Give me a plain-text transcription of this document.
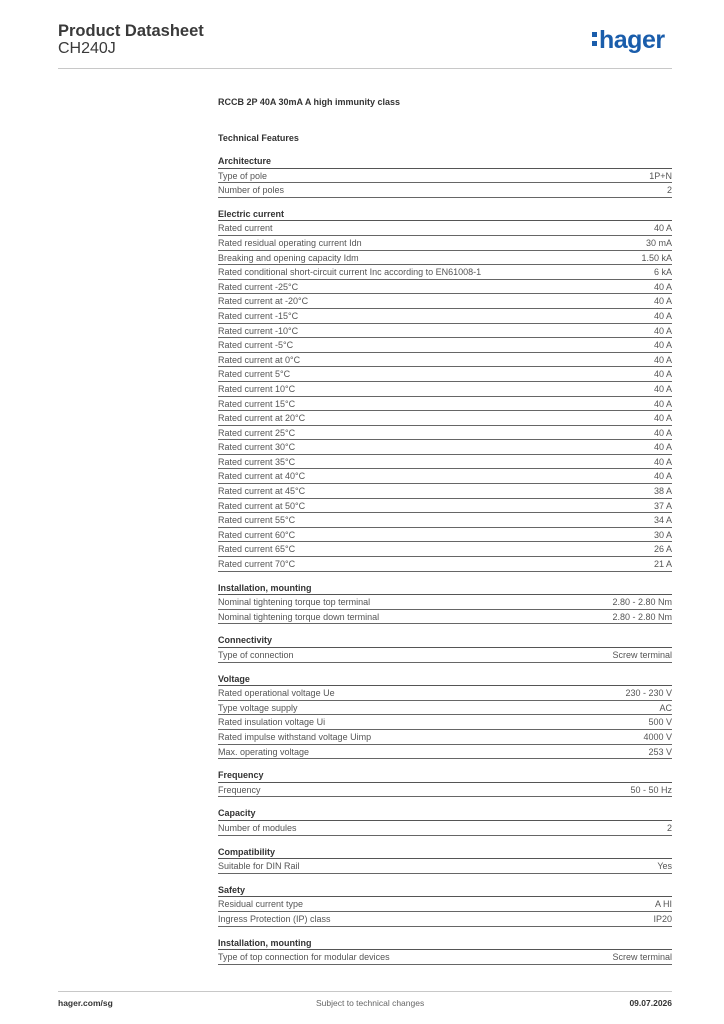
Product Datasheet
CH240J	hager
RCCB 2P 40A 30mA A high immunity class
Technical Features
Architecture
Type of pole	1P+N
Number of poles	2
Electric current
Rated current	40 A
Rated residual operating current Idn	30 mA
Breaking and opening capacity Idm	1.50 kA
Rated conditional short-circuit current Inc according to EN61008-1	6 kA
Rated current -25°C	40 A
Rated current at -20°C	40 A
Rated current -15°C	40 A
Rated current -10°C	40 A
Rated current -5°C	40 A
Rated current at 0°C	40 A
Rated current 5°C	40 A
Rated current 10°C	40 A
Rated current 15°C	40 A
Rated current at 20°C	40 A
Rated current 25°C	40 A
Rated current 30°C	40 A
Rated current 35°C	40 A
Rated current at 40°C	40 A
Rated current at 45°C	38 A
Rated current at 50°C	37 A
Rated current 55°C	34 A
Rated current 60°C	30 A
Rated current 65°C	26 A
Rated current 70°C	21 A
Installation, mounting
Nominal tightening torque top terminal	2.80 - 2.80 Nm
Nominal tightening torque down terminal	2.80 - 2.80 Nm
Connectivity
Type of connection	Screw terminal
Voltage
Rated operational voltage Ue	230 - 230 V
Type voltage supply	AC
Rated insulation voltage Ui	500 V
Rated impulse withstand voltage Uimp	4000 V
Max. operating voltage	253 V
Frequency
Frequency	50 - 50 Hz
Capacity
Number of modules	2
Compatibility
Suitable for DIN Rail	Yes
Safety
Residual current type	A HI
Ingress Protection (IP) class	IP20
Installation, mounting
Type of top connection for modular devices	Screw terminal
hager.com/sg	Subject to technical changes	09.07.2026
